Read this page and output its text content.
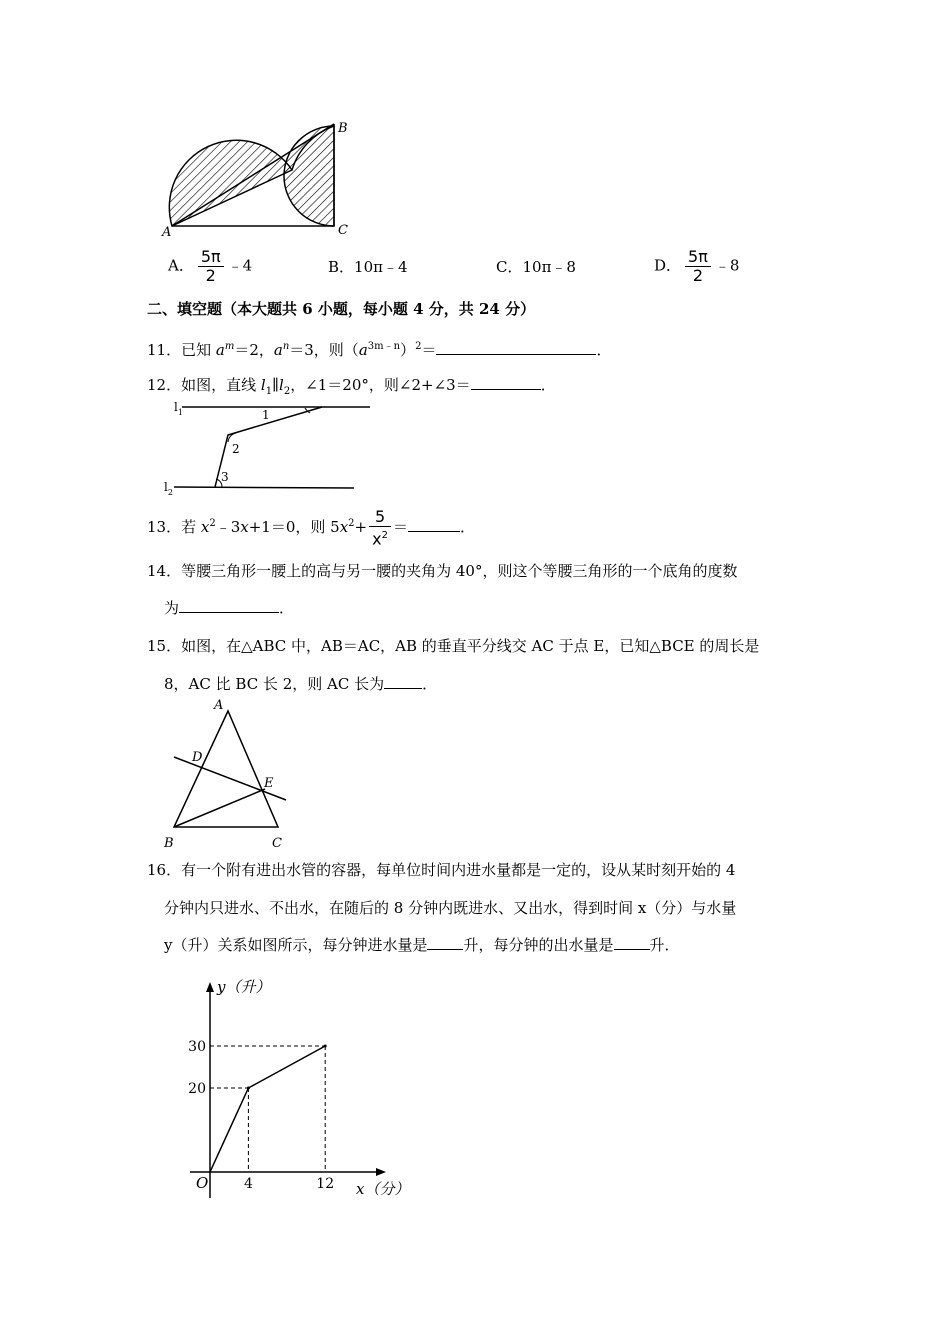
A
B
C
A． $\frac{5\pi}{2}$ ﹣4	B．10π﹣4	C．10π﹣8	D． $\frac{5\pi}{2}$ ﹣8
二、填空题（本大题共 6 小题，每小题 4 分，共 24 分）
11．已知 $a^m=2$，$a^n=3$，则$(a^{3m﹣n})^2=$	．
12．如图，直线 $l_1\parallel l_2$，∠1＝20°，则∠2+∠3＝	．
$l_1$
$l_2$
1
2
3
13．若 $x^2﹣3x+1=0$，则 $5x^2+ \frac{5}{x^2}$ ＝	．
14．等腰三角形一腰上的高与另一腰的夹角为 40°，则这个等腰三角形的一个底角的度数
为	．
15．如图，在△ABC 中，AB＝AC，AB 的垂直平分线交 AC 于点 E，已知△BCE 的周长是
8，AC 比 BC 长 2，则 AC 长为	．
A
B	C
D
E
16．有一个附有进出水管的容器，每单位时间内进水量都是一定的，设从某时刻开始的 4
分钟内只进水、不出水，在随后的 8 分钟内既进水、又出水，得到时间 x（分）与水量
y（升）关系如图所示，每分钟进水量是 升，每分钟的出水量是 升．
y（升）
x（分）
O	4	12
20
30
